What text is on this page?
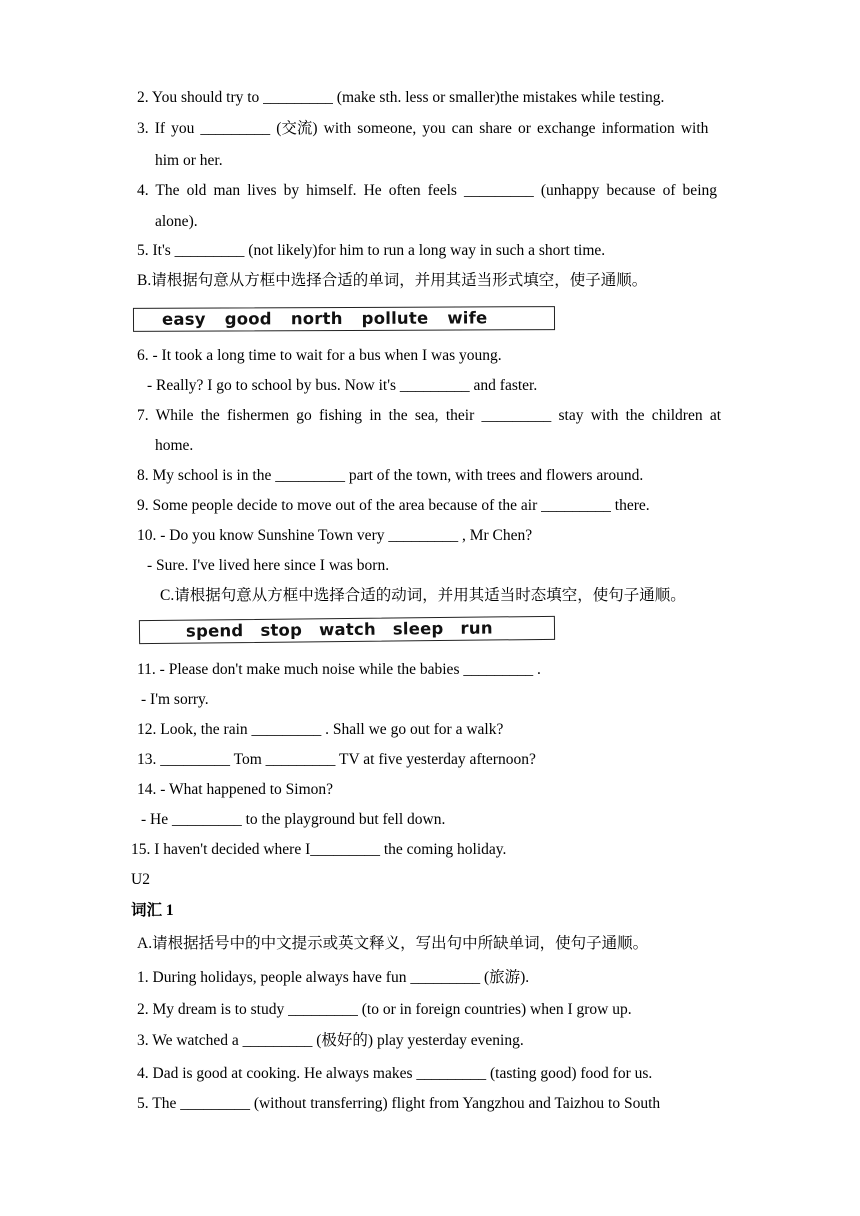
2. You should try to _________ (make sth. less or smaller)the mistakes while testing.
3. If you _________ (交流) with someone, you can share or exchange information with
him or her.
4. The old man lives by himself. He often feels _________ (unhappy because of being
alone).
5. It's _________ (not likely)for him to run a long way in such a short time.
B.请根据句意从方框中选择合适的单词，并用其适当形式填空，使子通顺。
easy good north pollute wife
6. - It took a long time to wait for a bus when I was young.
- Really? I go to school by bus. Now it's _________ and faster.
7. While the fishermen go fishing in the sea, their _________ stay with the children at
home.
8. My school is in the _________ part of the town, with trees and flowers around.
9. Some people decide to move out of the area because of the air _________ there.
10. - Do you know Sunshine Town very _________ , Mr Chen?
- Sure. I've lived here since I was born.
C.请根据句意从方框中选择合适的动词，并用其适当时态填空，使句子通顺。
spend stop watch sleep run
11. - Please don't make much noise while the babies _________ .
- I'm sorry.
12. Look, the rain _________ . Shall we go out for a walk?
13. _________ Tom _________ TV at five yesterday afternoon?
14. - What happened to Simon?
- He _________ to the playground but fell down.
15. I haven't decided where I_________ the coming holiday.
U2
词汇 1
A.请根据括号中的中文提示或英文释义，写出句中所缺单词，使句子通顺。
1. During holidays, people always have fun _________ (旅游).
2. My dream is to study _________ (to or in foreign countries) when I grow up.
3. We watched a _________ (极好的) play yesterday evening.
4. Dad is good at cooking. He always makes _________ (tasting good) food for us.
5. The _________ (without transferring) flight from Yangzhou and Taizhou to South
